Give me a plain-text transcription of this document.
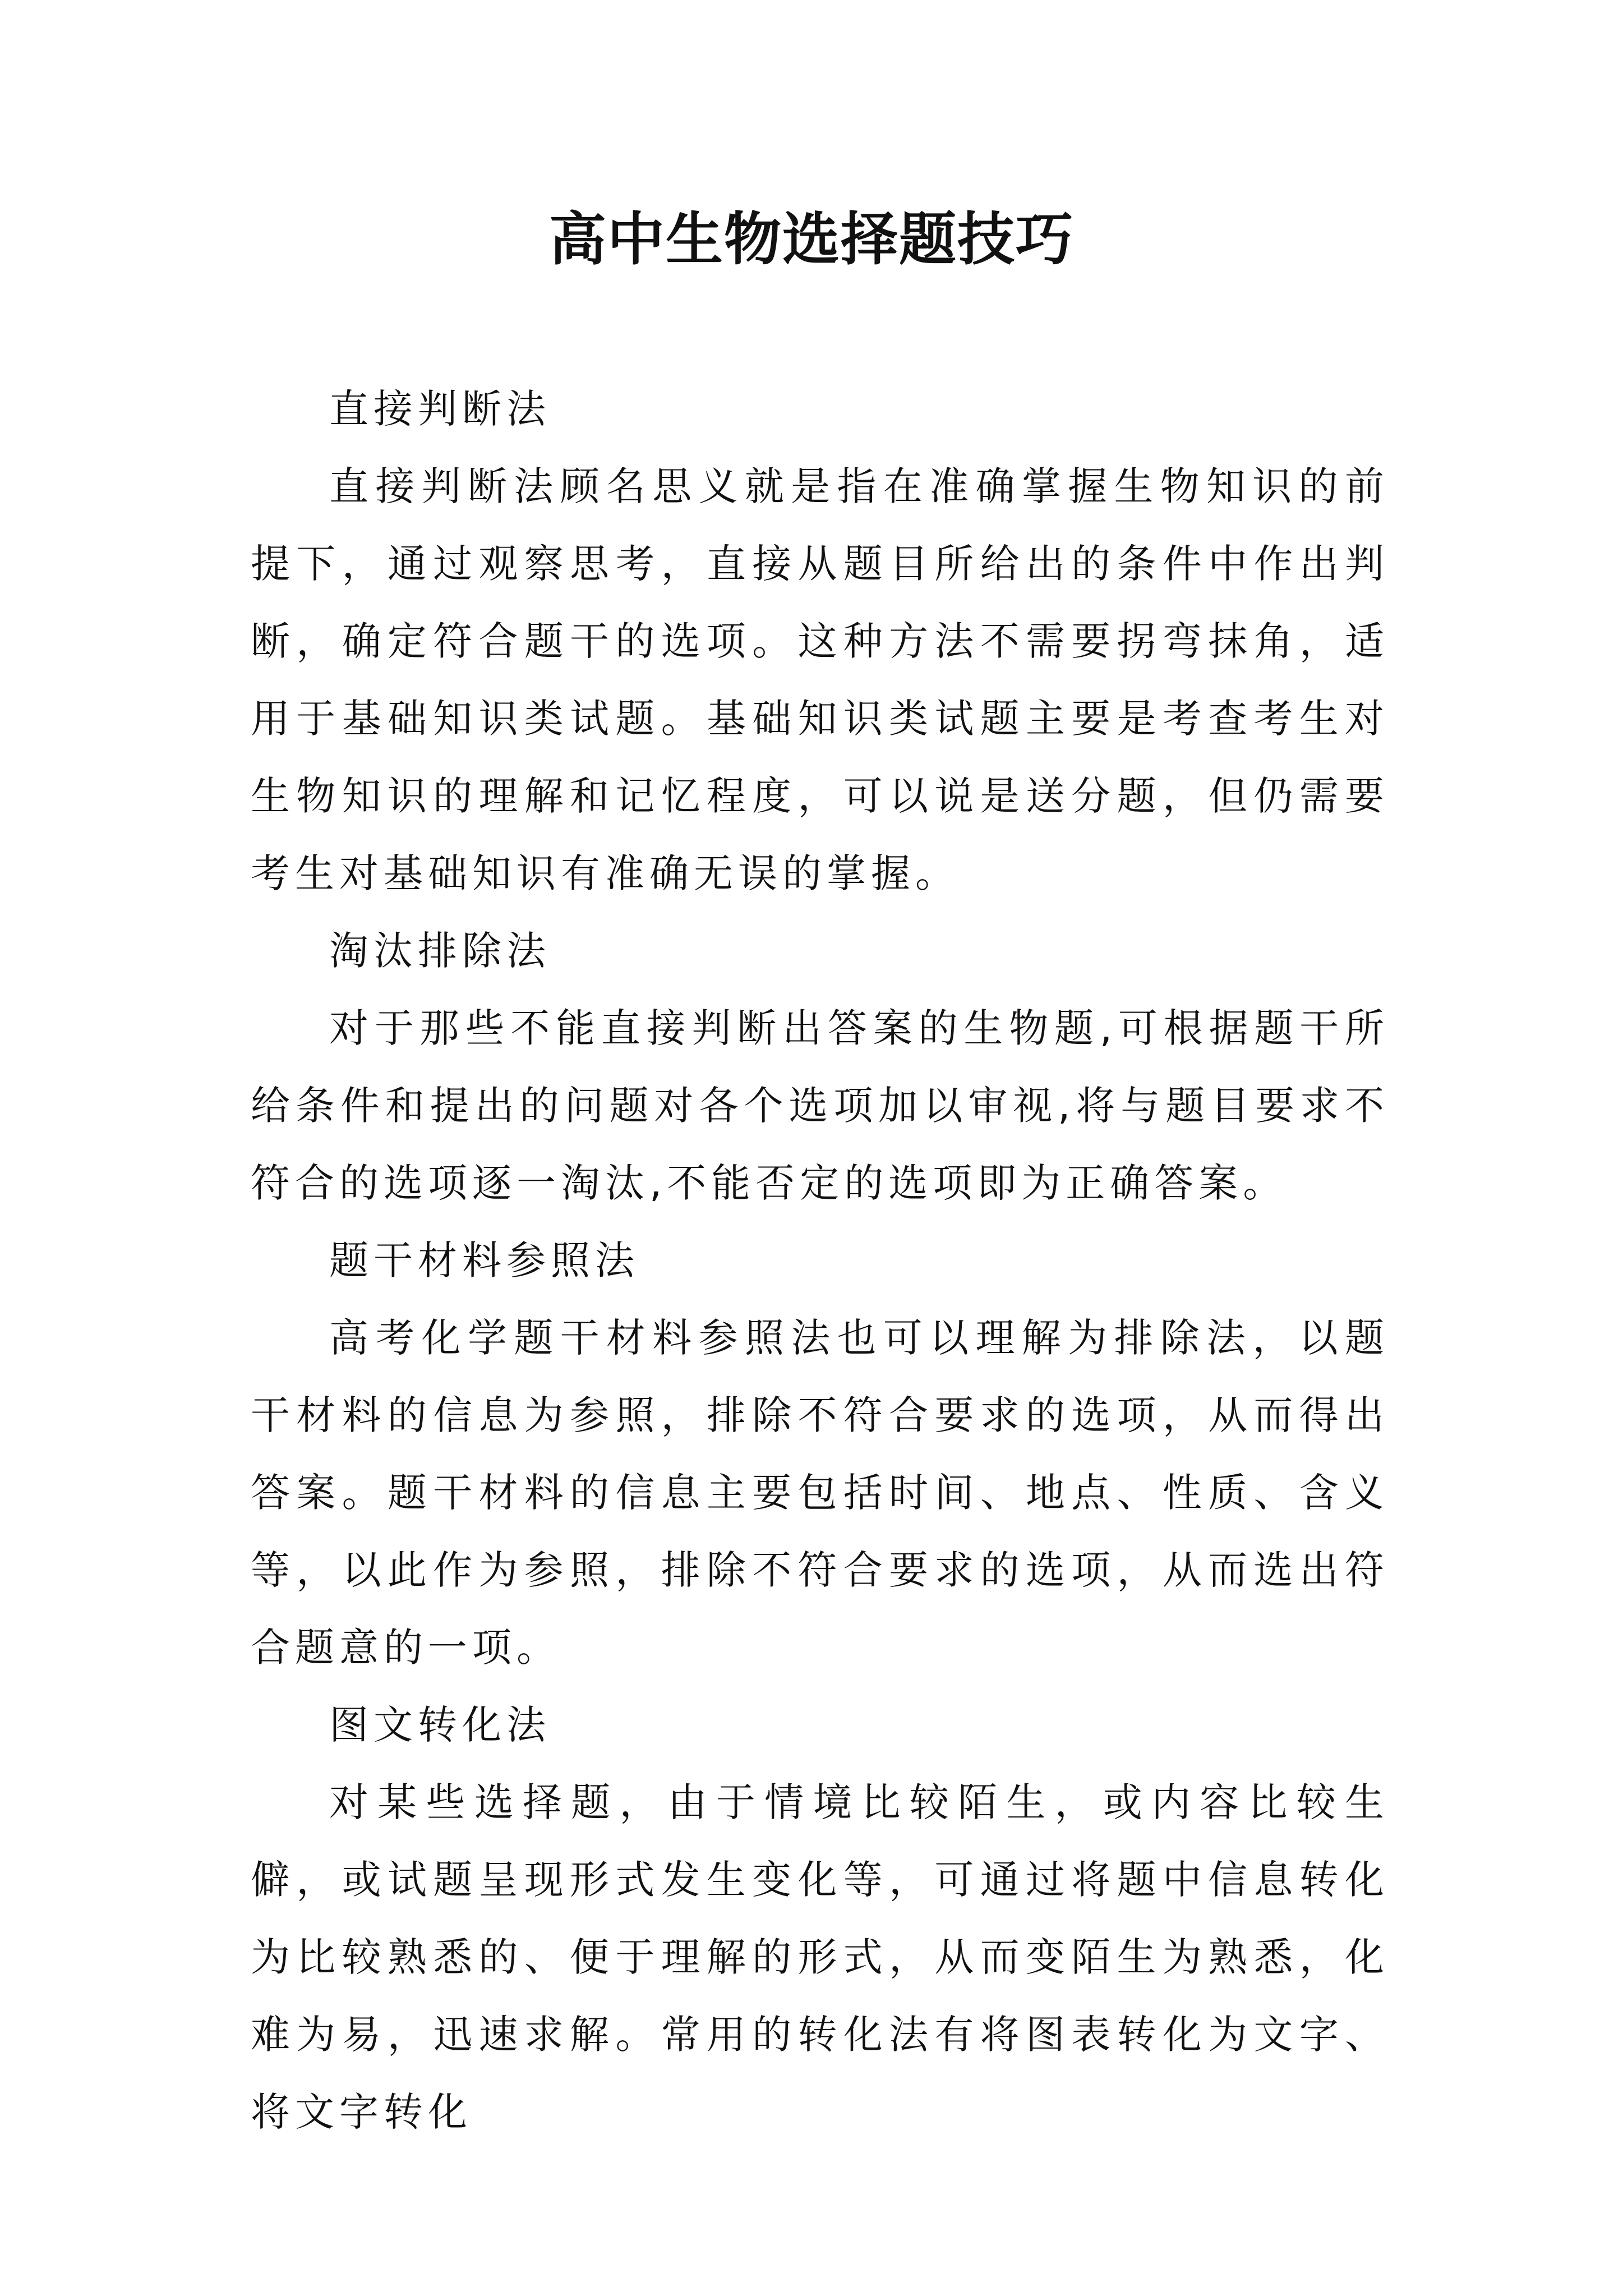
高中生物选择题技巧
直接判断法

直接判断法顾名思义就是指在准确掌握生物知识的前提下，通过观察思考，直接从题目所给出的条件中作出判断，确定符合题干的选项。这种方法不需要拐弯抹角，适用于基础知识类试题。基础知识类试题主要是考查考生对生物知识的理解和记忆程度，可以说是送分题，但仍需要考生对基础知识有准确无误的掌握。

淘汰排除法

对于那些不能直接判断出答案的生物题,可根据题干所给条件和提出的问题对各个选项加以审视,将与题目要求不符合的选项逐一淘汰,不能否定的选项即为正确答案。

题干材料参照法

高考化学题干材料参照法也可以理解为排除法，以题干材料的信息为参照，排除不符合要求的选项，从而得出答案。题干材料的信息主要包括时间、地点、性质、含义等，以此作为参照，排除不符合要求的选项，从而选出符合题意的一项。

图文转化法

对某些选择题，由于情境比较陌生，或内容比较生僻，或试题呈现形式发生变化等，可通过将题中信息转化为比较熟悉的、便于理解的形式，从而变陌生为熟悉，化难为易，迅速求解。常用的转化法有将图表转化为文字、将文字转化
